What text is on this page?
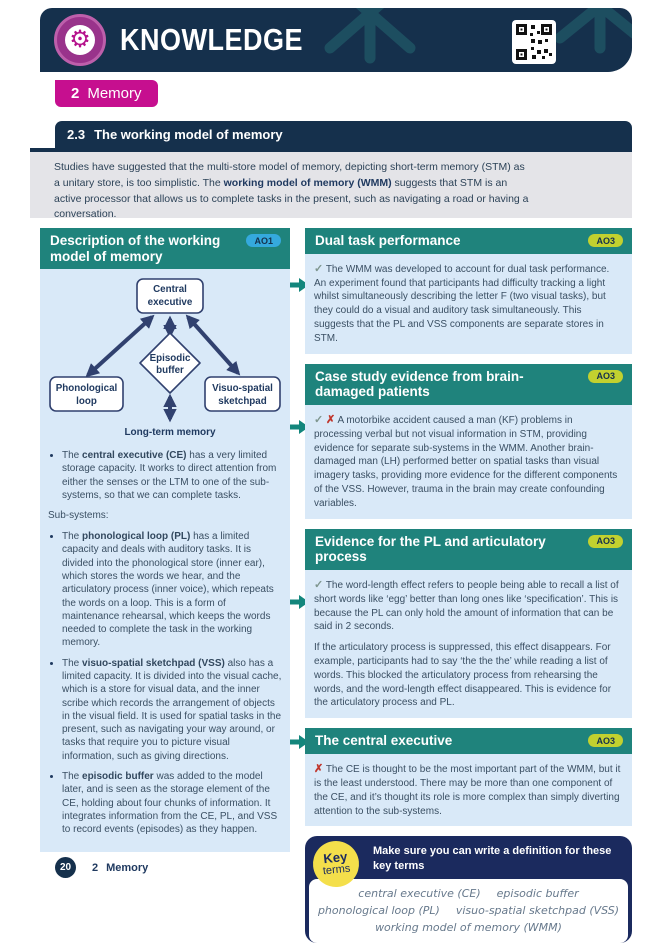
⚙ KNOWLEDGE
2 Memory
2.3 The working model of memory

Studies have suggested that the multi-store model of memory, depicting short-term memory (STM) as a unitary store, is too simplistic. The working model of memory (WMM) suggests that STM is an active processor that allows us to complete tasks in the present, such as navigating a road or having a conversation.

Description of the working model of memory
AO1
Central
executive
Episodic
buffer
Phonological
loop
Visuo-spatial
sketchpad
Long-term memory
• The central executive (CE) has a very limited storage capacity. It works to direct attention from either the senses or the LTM to one of the sub-systems, so that we can complete tasks.

Sub-systems:

• The phonological loop (PL) has a limited capacity and deals with auditory tasks. It is divided into the phonological store (inner ear), which stores the words we hear, and the articulatory process (inner voice), which repeats the words on a loop. This is a form of maintenance rehearsal, which keeps the words needed to complete the task in the working memory.
• The visuo-spatial sketchpad (VSS) also has a limited capacity. It is divided into the visual cache, which is a store for visual data, and the inner scribe which records the arrangement of objects in the visual field. It is used for spatial tasks in the present, such as navigating your way around, or tasks that require you to picture visual information, such as giving directions.
• The episodic buffer was added to the model later, and is seen as the storage element of the CE, holding about four chunks of information. It integrates information from the CE, PL, and VSS to record events (episodes) as they happen.
Dual task performance	AO3

✓ The WMM was developed to account for dual task performance. An experiment found that participants had difficulty tracking a light whilst simultaneously describing the letter F (two visual tasks), but they could do a visual and auditory task simultaneously. This suggests that the PL and VSS components are separate stores in STM.

Case study evidence from brain-damaged patients
AO3

✓ ✗ A motorbike accident caused a man (KF) problems in processing verbal but not visual information in STM, providing evidence for separate sub-systems in the WMM. Another brain-damaged man (LH) performed better on spatial tasks than visual imagery tasks, providing more evidence for the different components of the VSS. However, trauma in the brain may create confounding variables.

Evidence for the PL and articulatory process
AO3

✓ The word-length effect refers to people being able to recall a list of short words like ‘egg’ better than long ones like ‘specification’. This is because the PL can only hold the amount of information that can be said in 2 seconds.

If the articulatory process is suppressed, this effect disappears. For example, participants had to say ‘the the the’ while reading a list of words. This blocked the articulatory process from rehearsing the words, and the word-length effect disappeared. This is evidence for the articulatory process and PL.

The central executive	AO3

✗ The CE is thought to be the most important part of the WMM, but it is the least understood. There may be more than one component of the CE, and it’s thought its role is more complex than simply diverting attention to the sub-systems.

Key
terms
Make sure you can write a definition for these key terms
central executive (CE) episodic buffer
phonological loop (PL) visuo-spatial sketchpad (VSS)
working model of memory (WMM)
20	2 Memory
